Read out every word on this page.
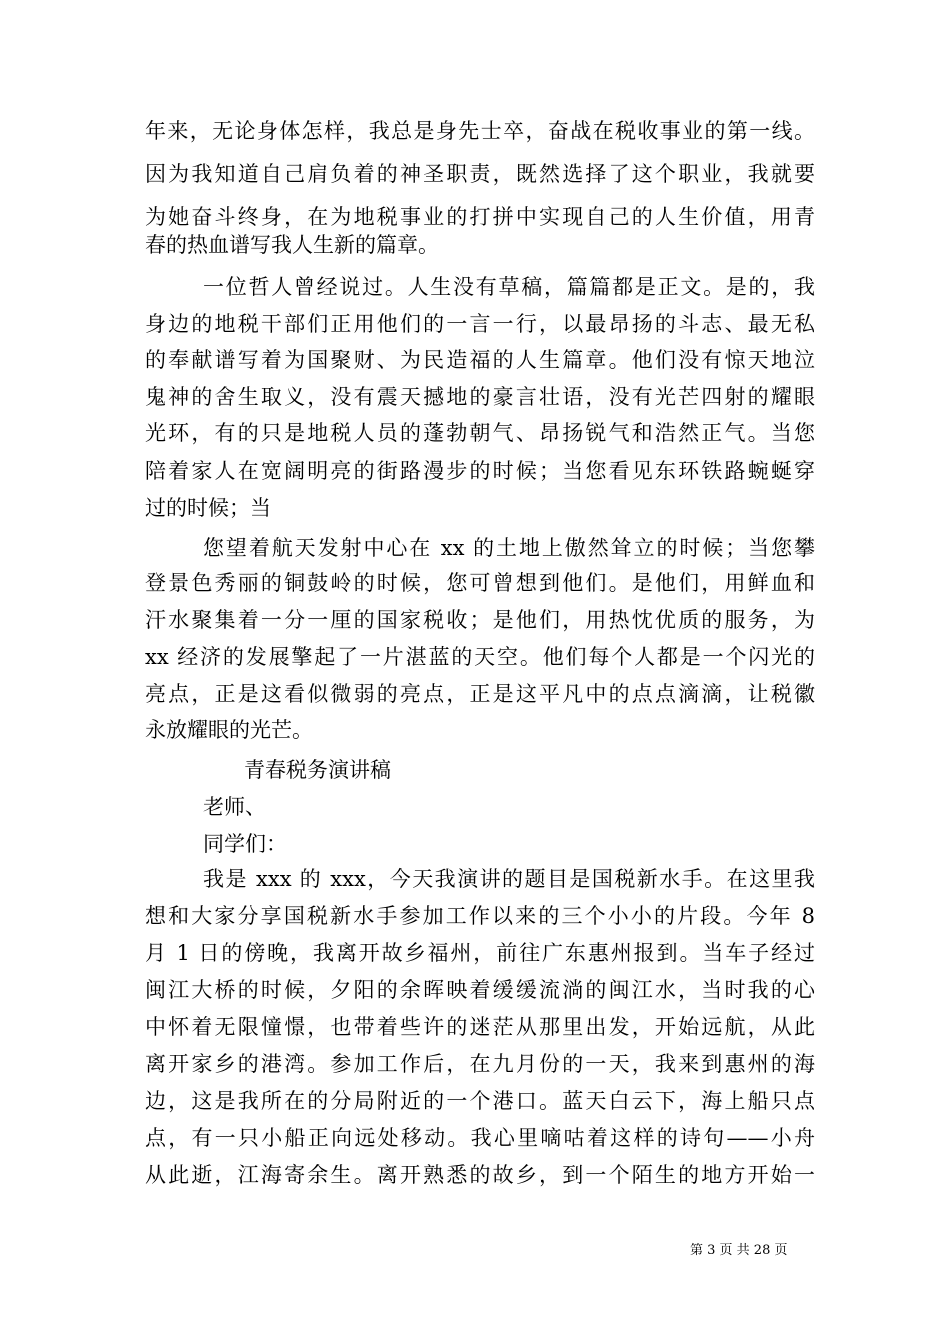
年来，无论身体怎样，我总是身先士卒，奋战在税收事业的第一线。
因为我知道自己肩负着的神圣职责，既然选择了这个职业，我就要
为她奋斗终身，在为地税事业的打拼中实现自己的人生价值，用青
春的热血谱写我人生新的篇章。
一位哲人曾经说过。人生没有草稿，篇篇都是正文。是的，我
身边的地税干部们正用他们的一言一行，以最昂扬的斗志、最无私
的奉献谱写着为国聚财、为民造福的人生篇章。他们没有惊天地泣
鬼神的舍生取义，没有震天撼地的豪言壮语，没有光芒四射的耀眼
光环，有的只是地税人员的蓬勃朝气、昂扬锐气和浩然正气。当您
陪着家人在宽阔明亮的街路漫步的时候；当您看见东环铁路蜿蜒穿
过的时候；当
您望着航天发射中心在 xx 的土地上傲然耸立的时候；当您攀
登景色秀丽的铜鼓岭的时候，您可曾想到他们。是他们，用鲜血和
汗水聚集着一分一厘的国家税收；是他们，用热忱优质的服务，为
xx 经济的发展擎起了一片湛蓝的天空。他们每个人都是一个闪光的
亮点，正是这看似微弱的亮点，正是这平凡中的点点滴滴，让税徽
永放耀眼的光芒。
青春税务演讲稿
老师、
同学们：
我是 xxx 的 xxx，今天我演讲的题目是国税新水手。在这里我
想和大家分享国税新水手参加工作以来的三个小小的片段。今年 8
月 1 日的傍晚，我离开故乡福州，前往广东惠州报到。当车子经过
闽江大桥的时候，夕阳的余晖映着缓缓流淌的闽江水，当时我的心
中怀着无限憧憬，也带着些许的迷茫从那里出发，开始远航，从此
离开家乡的港湾。参加工作后，在九月份的一天，我来到惠州的海
边，这是我所在的分局附近的一个港口。蓝天白云下，海上船只点
点，有一只小船正向远处移动。我心里嘀咕着这样的诗句——小舟
从此逝，江海寄余生。离开熟悉的故乡，到一个陌生的地方开始一
第 3 页 共 28 页
